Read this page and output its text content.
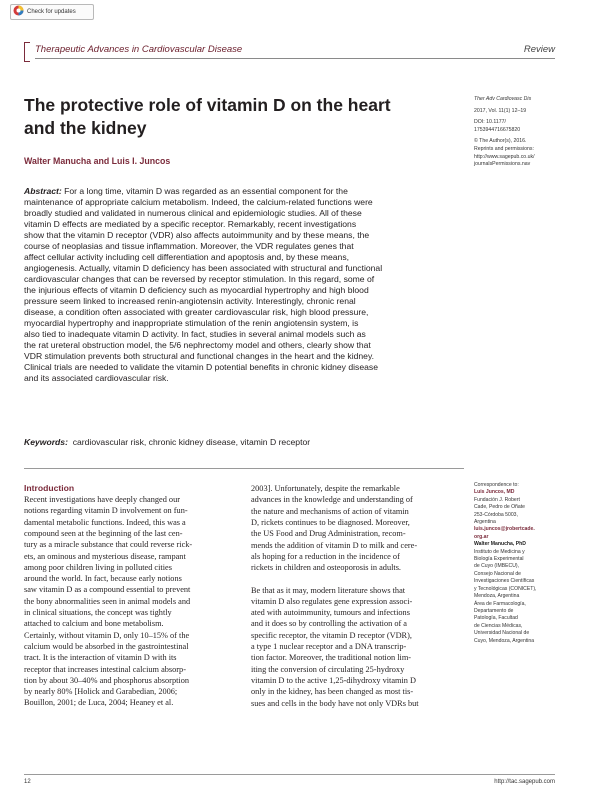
Check for updates
Therapeutic Advances in Cardiovascular Disease	Review
The protective role of vitamin D on the heart
and the kidney
Walter Manucha and Luis I. Juncos
Ther Adv Cardiovasc Dis
2017, Vol. 11(1) 12–19
DOI: 10.1177/
1753944716675820
© The Author(s), 2016.
Reprints and permissions:
http://www.sagepub.co.uk/
journalsPermissions.nav
Abstract: For a long time, vitamin D was regarded as an essential component for the
maintenance of appropriate calcium metabolism. Indeed, the calcium-related functions were
broadly studied and validated in numerous clinical and epidemiologic studies. All of these
vitamin D effects are mediated by a specific receptor. Remarkably, recent investigations
show that the vitamin D receptor (VDR) also affects autoimmunity and by these means, the
course of neoplasias and tissue inflammation. Moreover, the VDR regulates genes that
affect cellular activity including cell differentiation and apoptosis and, by these means,
angiogenesis. Actually, vitamin D deficiency has been associated with structural and functional
cardiovascular changes that can be reversed by receptor stimulation. In this regard, some of
the injurious effects of vitamin D deficiency such as myocardial hypertrophy and high blood
pressure seem linked to increased renin-angiotensin activity. Interestingly, chronic renal
disease, a condition often associated with greater cardiovascular risk, high blood pressure,
myocardial hypertrophy and inappropriate stimulation of the renin angiotensin system, is
also tied to inadequate vitamin D activity. In fact, studies in several animal models such as
the rat ureteral obstruction model, the 5/6 nephrectomy model and others, clearly show that
VDR stimulation prevents both structural and functional changes in the heart and the kidney.
Clinical trials are needed to validate the vitamin D potential benefits in chronic kidney disease
and its associated cardiovascular risk.
Keywords: cardiovascular risk, chronic kidney disease, vitamin D receptor
Introduction
Recent investigations have deeply changed our
notions regarding vitamin D involvement on fun-
damental metabolic functions. Indeed, this was a
compound seen at the beginning of the last cen-
tury as a miracle substance that could reverse rick-
ets, an ominous and mysterious disease, rampant
among poor children living in polluted cities
around the world. In fact, because early notions
saw vitamin D as a compound essential to prevent
the bony abnormalities seen in animal models and
in clinical situations, the concept was tightly
attached to calcium and bone metabolism.
Certainly, without vitamin D, only 10–15% of the
calcium would be absorbed in the gastrointestinal
tract. It is the interaction of vitamin D with its
receptor that increases intestinal calcium absorp-
tion by about 30–40% and phosphorus absorption
by nearly 80% [Holick and Garabedian, 2006;
Bouillon, 2001; de Luca, 2004; Heaney et al.
2003]. Unfortunately, despite the remarkable
advances in the knowledge and understanding of
the nature and mechanisms of action of vitamin
D, rickets continues to be diagnosed. Moreover,
the US Food and Drug Administration, recom-
mends the addition of vitamin D to milk and cere-
als hoping for a reduction in the incidence of
rickets in children and osteoporosis in adults.
Be that as it may, modern literature shows that
vitamin D also regulates gene expression associ-
ated with autoimmunity, tumours and infections
and it does so by controlling the activation of a
specific receptor, the vitamin D receptor (VDR),
a type 1 nuclear receptor and a DNA transcrip-
tion factor. Moreover, the traditional notion lim-
iting the conversion of circulating 25-hydroxy
vitamin D to the active 1,25-dihydroxy vitamin D
only in the kidney, has been changed as most tis-
sues and cells in the body have not only VDRs but
Correspondence to:
Luis Juncos, MD
Fundación J. Robert
Cade, Pedro de Oñate
253-Córdoba 5003,
Argentina
luis.juncos@jrobertcade.
org.ar
Walter Manucha, PhD
Instituto de Medicina y
Biología Experimental
de Cuyo (IMBECU),
Consejo Nacional de
Investigaciones Científicas
y Tecnológicas (CONICET),
Mendoza, Argentina
Área de Farmacología,
Departamento de
Patología, Facultad
de Ciencias Médicas,
Universidad Nacional de
Cuyo, Mendoza, Argentina
12	http://tac.sagepub.com
